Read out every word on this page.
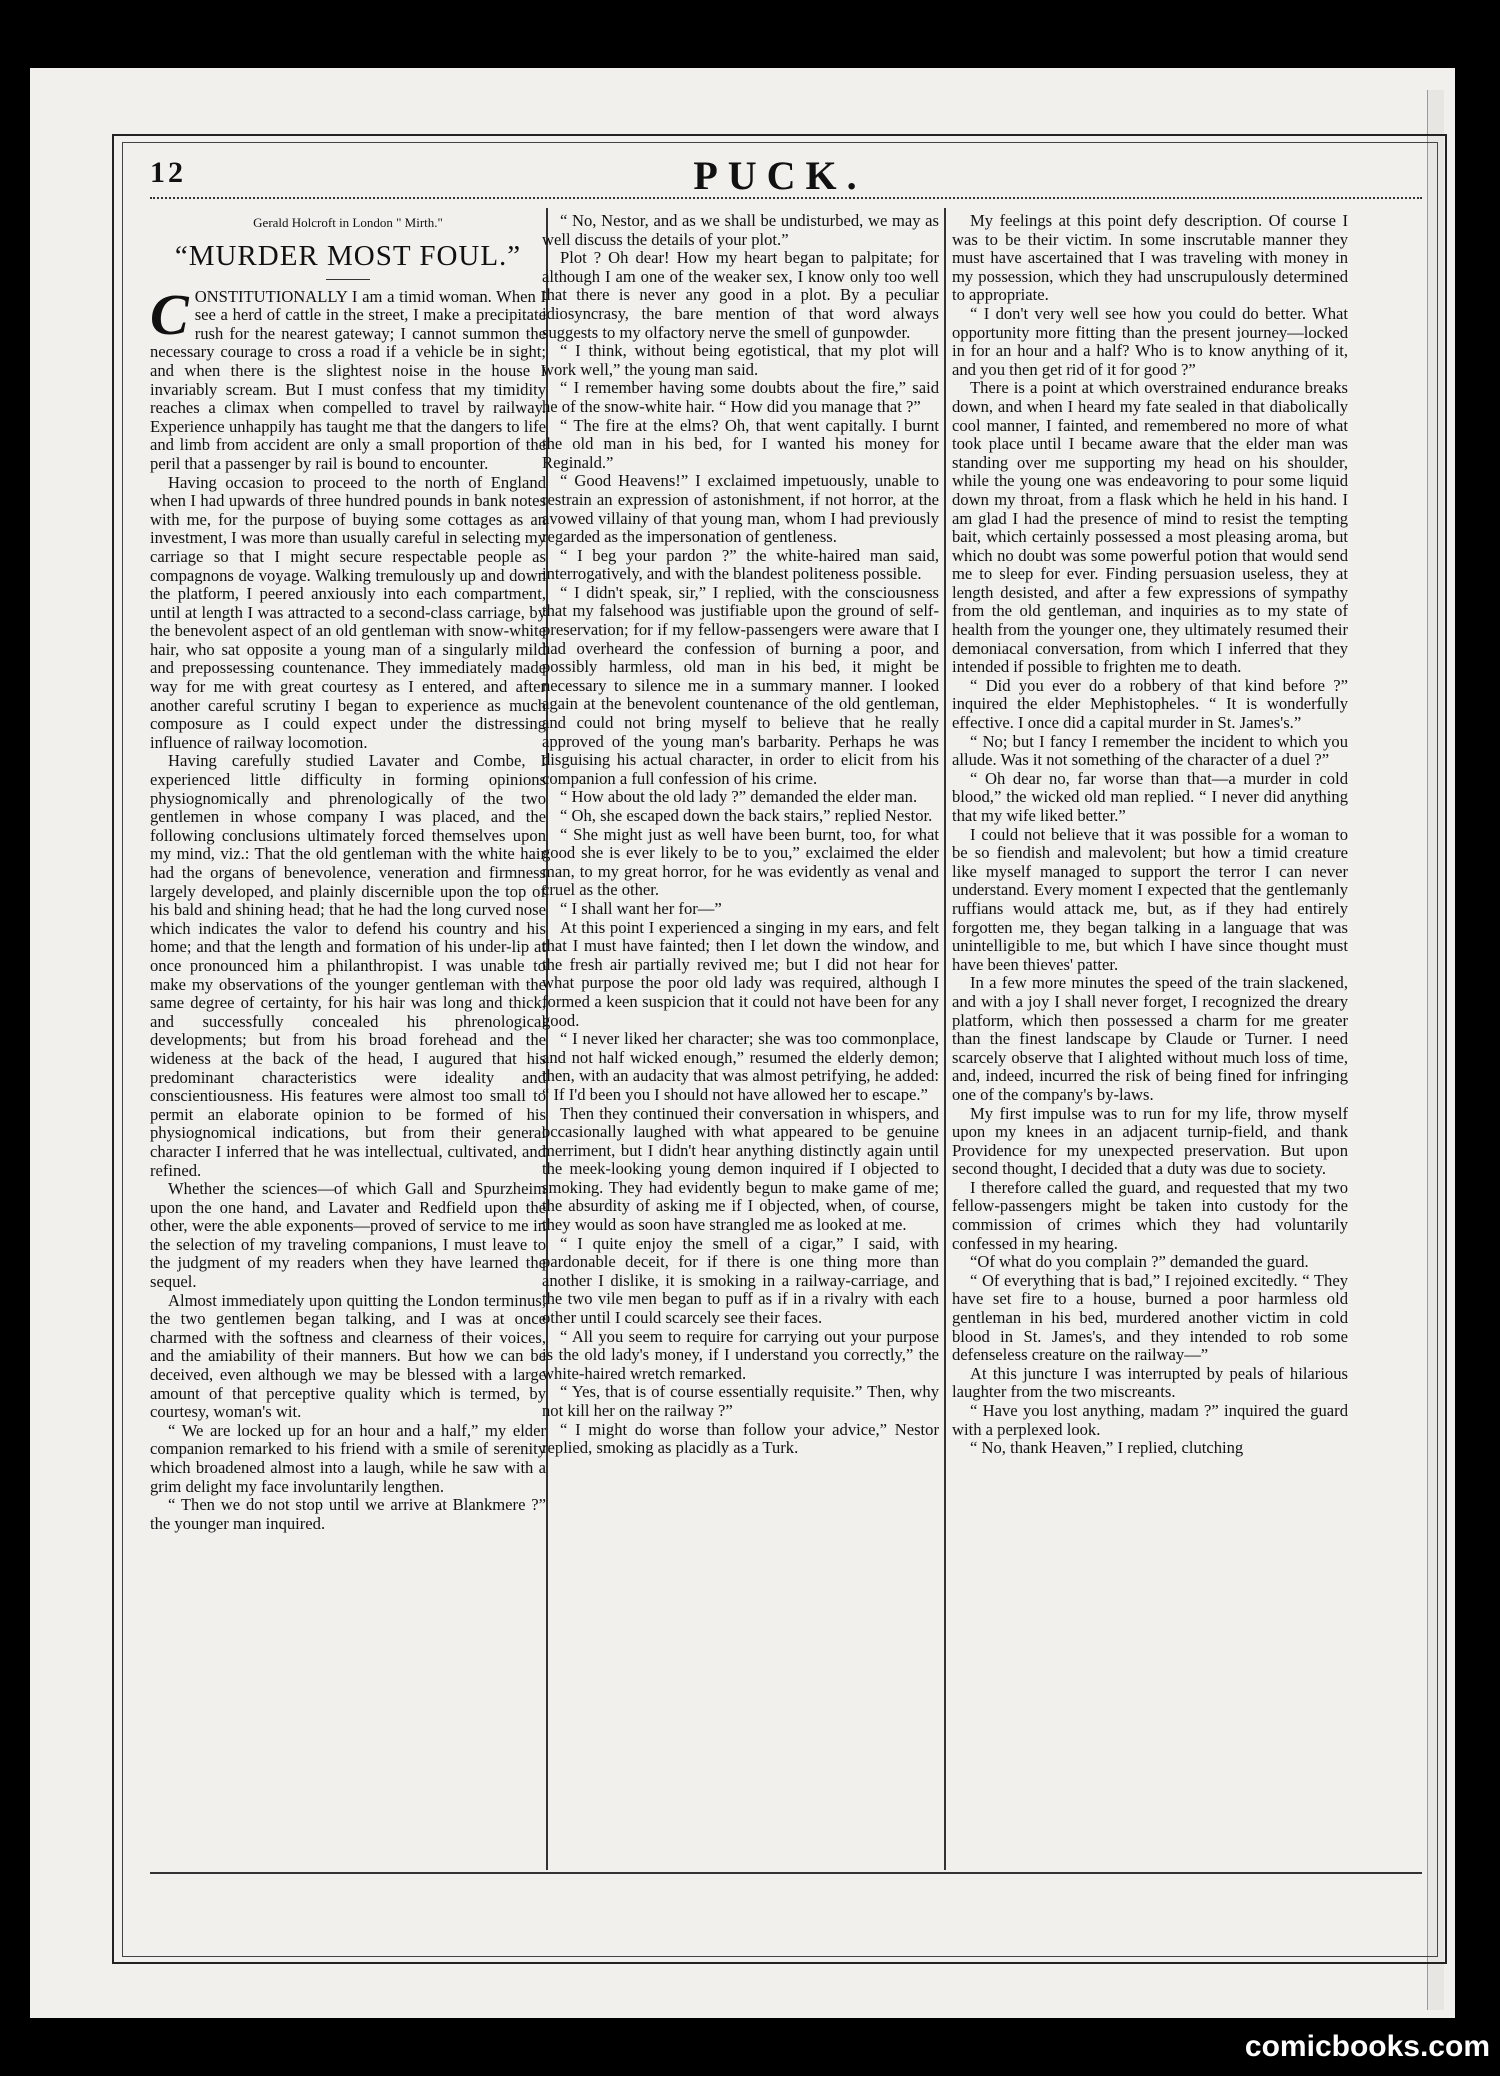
12	PUCK.

Gerald Holcroft in London " Mirth."

“MURDER MOST FOUL.”
C ONSTITUTIONALLY I am a timid woman. When I see a herd of cattle in the street, I make a precipitate rush for the nearest gateway; I cannot summon the necessary courage to cross a road if a vehicle be in sight; and when there is the slightest noise in the house I invariably scream. But I must confess that my timidity reaches a climax when compelled to travel by railway. Experience unhappily has taught me that the dangers to life and limb from accident are only a small proportion of the peril that a passenger by rail is bound to encounter.

Having occasion to proceed to the north of England when I had upwards of three hundred pounds in bank notes with me, for the purpose of buying some cottages as an investment, I was more than usually careful in selecting my carriage so that I might secure respectable people as compagnons de voyage. Walking tremulously up and down the platform, I peered anxiously into each compartment, until at length I was attracted to a second-class carriage, by the benevolent aspect of an old gentleman with snow-white hair, who sat opposite a young man of a singularly mild and prepossessing countenance. They immediately made way for me with great courtesy as I entered, and after another careful scrutiny I began to experience as much composure as I could expect under the distressing influence of railway locomotion.

Having carefully studied Lavater and Combe, I experienced little difficulty in forming opinions physiognomically and phrenologically of the two gentlemen in whose company I was placed, and the following conclusions ultimately forced themselves upon my mind, viz.: That the old gentleman with the white hair had the organs of benevolence, veneration and firmness largely developed, and plainly discernible upon the top of his bald and shining head; that he had the long curved nose which indicates the valor to defend his country and his home; and that the length and formation of his under-lip at once pronounced him a philanthropist. I was unable to make my observations of the younger gentleman with the same degree of certainty, for his hair was long and thick, and successfully concealed his phrenological developments; but from his broad forehead and the wideness at the back of the head, I augured that his predominant characteristics were ideality and conscientiousness. His features were almost too small to permit an elaborate opinion to be formed of his physiognomical indications, but from their general character I inferred that he was intellectual, cultivated, and refined.

Whether the sciences—of which Gall and Spurzheim upon the one hand, and Lavater and Redfield upon the other, were the able exponents—proved of service to me in the selection of my traveling companions, I must leave to the judgment of my readers when they have learned the sequel.

Almost immediately upon quitting the London terminus, the two gentlemen began talking, and I was at once charmed with the softness and clearness of their voices, and the amiability of their manners. But how we can be deceived, even although we may be blessed with a large amount of that perceptive quality which is termed, by courtesy, woman's wit.

“ We are locked up for an hour and a half,” my elder companion remarked to his friend with a smile of serenity which broadened almost into a laugh, while he saw with a grim delight my face involuntarily lengthen.

“ Then we do not stop until we arrive at Blankmere ?” the younger man inquired.

“ No, Nestor, and as we shall be undisturbed, we may as well discuss the details of your plot.”

Plot ? Oh dear! How my heart began to palpitate; for although I am one of the weaker sex, I know only too well that there is never any good in a plot. By a peculiar idiosyncrasy, the bare mention of that word always suggests to my olfactory nerve the smell of gunpowder.

“ I think, without being egotistical, that my plot will work well,” the young man said.

“ I remember having some doubts about the fire,” said he of the snow-white hair. “ How did you manage that ?”

“ The fire at the elms? Oh, that went capitally. I burnt the old man in his bed, for I wanted his money for Reginald.”

“ Good Heavens!” I exclaimed impetuously, unable to restrain an expression of astonishment, if not horror, at the avowed villainy of that young man, whom I had previously regarded as the impersonation of gentleness.

“ I beg your pardon ?” the white-haired man said, interrogatively, and with the blandest politeness possible.

“ I didn't speak, sir,” I replied, with the consciousness that my falsehood was justifiable upon the ground of self-preservation; for if my fellow-passengers were aware that I had overheard the confession of burning a poor, and possibly harmless, old man in his bed, it might be necessary to silence me in a summary manner. I looked again at the benevolent countenance of the old gentleman, and could not bring myself to believe that he really approved of the young man's barbarity. Perhaps he was disguising his actual character, in order to elicit from his companion a full confession of his crime.

“ How about the old lady ?” demanded the elder man.

“ Oh, she escaped down the back stairs,” replied Nestor.

“ She might just as well have been burnt, too, for what good she is ever likely to be to you,” exclaimed the elder man, to my great horror, for he was evidently as venal and cruel as the other.

“ I shall want her for—”

At this point I experienced a singing in my ears, and felt that I must have fainted; then I let down the window, and the fresh air partially revived me; but I did not hear for what purpose the poor old lady was required, although I formed a keen suspicion that it could not have been for any good.

“ I never liked her character; she was too commonplace, and not half wicked enough,” resumed the elderly demon; then, with an audacity that was almost petrifying, he added: “ If I'd been you I should not have allowed her to escape.”

Then they continued their conversation in whispers, and occasionally laughed with what appeared to be genuine merriment, but I didn't hear anything distinctly again until the meek-looking young demon inquired if I objected to smoking. They had evidently begun to make game of me; the absurdity of asking me if I objected, when, of course, they would as soon have strangled me as looked at me.

“ I quite enjoy the smell of a cigar,” I said, with pardonable deceit, for if there is one thing more than another I dislike, it is smoking in a railway-carriage, and the two vile men began to puff as if in a rivalry with each other until I could scarcely see their faces.

“ All you seem to require for carrying out your purpose is the old lady's money, if I understand you correctly,” the white-haired wretch remarked.

“ Yes, that is of course essentially requisite.” Then, why not kill her on the railway ?”

“ I might do worse than follow your advice,” Nestor replied, smoking as placidly as a Turk.

My feelings at this point defy description. Of course I was to be their victim. In some inscrutable manner they must have ascertained that I was traveling with money in my possession, which they had unscrupulously determined to appropriate.

“ I don't very well see how you could do better. What opportunity more fitting than the present journey—locked in for an hour and a half? Who is to know anything of it, and you then get rid of it for good ?”

There is a point at which overstrained endurance breaks down, and when I heard my fate sealed in that diabolically cool manner, I fainted, and remembered no more of what took place until I became aware that the elder man was standing over me supporting my head on his shoulder, while the young one was endeavoring to pour some liquid down my throat, from a flask which he held in his hand. I am glad I had the presence of mind to resist the tempting bait, which certainly possessed a most pleasing aroma, but which no doubt was some powerful potion that would send me to sleep for ever. Finding persuasion useless, they at length desisted, and after a few expressions of sympathy from the old gentleman, and inquiries as to my state of health from the younger one, they ultimately resumed their demoniacal conversation, from which I inferred that they intended if possible to frighten me to death.

“ Did you ever do a robbery of that kind before ?” inquired the elder Mephistopheles. “ It is wonderfully effective. I once did a capital murder in St. James's.”

“ No; but I fancy I remember the incident to which you allude. Was it not something of the character of a duel ?”

“ Oh dear no, far worse than that—a murder in cold blood,” the wicked old man replied. “ I never did anything that my wife liked better.”

I could not believe that it was possible for a woman to be so fiendish and malevolent; but how a timid creature like myself managed to support the terror I can never understand. Every moment I expected that the gentlemanly ruffians would attack me, but, as if they had entirely forgotten me, they began talking in a language that was unintelligible to me, but which I have since thought must have been thieves' patter.

In a few more minutes the speed of the train slackened, and with a joy I shall never forget, I recognized the dreary platform, which then possessed a charm for me greater than the finest landscape by Claude or Turner. I need scarcely observe that I alighted without much loss of time, and, indeed, incurred the risk of being fined for infringing one of the company's by-laws.

My first impulse was to run for my life, throw myself upon my knees in an adjacent turnip-field, and thank Providence for my unexpected preservation. But upon second thought, I decided that a duty was due to society.

I therefore called the guard, and requested that my two fellow-passengers might be taken into custody for the commission of crimes which they had voluntarily confessed in my hearing.

“Of what do you complain ?” demanded the guard.

“ Of everything that is bad,” I rejoined excitedly. “ They have set fire to a house, burned a poor harmless old gentleman in his bed, murdered another victim in cold blood in St. James's, and they intended to rob some defenseless creature on the railway—”

At this juncture I was interrupted by peals of hilarious laughter from the two miscreants.

“ Have you lost anything, madam ?” inquired the guard with a perplexed look.

“ No, thank Heaven,” I replied, clutching

comicbooks.com
